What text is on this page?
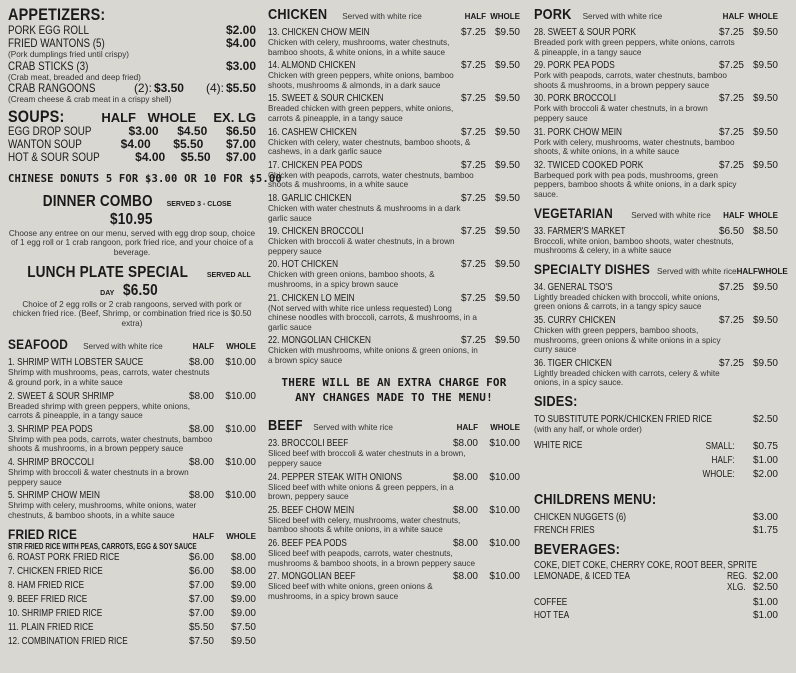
APPETIZERS:
PORK EGG ROLL	$2.00
FRIED WANTONS (5)	$4.00
(Pork dumplings fried until crispy)
CRAB STICKS (3)	$3.00
(Crab meat, breaded and deep fried)
CRAB RANGOONS	(2): $3.50 (4): $5.50
(Cream cheese & crab meat in a crispy shell)
SOUPS:	HALF WHOLE	EX. LG
EGG DROP SOUP	$3.00	$4.50	$6.50
WANTON SOUP	$4.00	$5.50	$7.00
HOT & SOUR SOUP	$4.00	$5.50	$7.00
CHINESE DONUTS 5 FOR $3.00 OR 10 FOR $5.00
DINNER COMBO SERVED 3 - CLOSE $10.95
Choose any entree on our menu, served with egg drop soup, choice of 1 egg roll or 1 crab rangoon, pork fried rice, and your choice of a beverage.
LUNCH PLATE SPECIAL	SERVED ALL DAY $6.50
Choice of 2 egg rolls or 2 crab rangoons, served with pork or chicken fried rice. (Beef, Shrimp, or combination fried rice is $0.50 extra)
SEAFOOD Served with white rice	HALF	WHOLE
1. SHRIMP WITH LOBSTER SAUCE	$8.00	$10.00
Shrimp with mushrooms, peas, carrots, water chestnuts & ground pork, in a white sauce
2. SWEET & SOUR SHRIMP	$8.00	$10.00
Breaded shrimp with green peppers, white onions, carrots & pineapple, in a tangy sauce
3. SHRIMP PEA PODS	$8.00	$10.00
Shrimp with pea pods, carrots, water chestnuts, bamboo shoots & mushrooms, in a brown peppery sauce
4. SHRIMP BROCCOLI	$8.00	$10.00
Shrimp with broccoli & water chestnuts in a brown peppery sauce
5. SHRIMP CHOW MEIN	$8.00	$10.00
Shrimp with celery, mushrooms, white onions, water chestnuts, & bamboo shoots, in a white sauce
FRIED RICE	HALF	WHOLE
STIR FRIED RICE WITH PEAS, CARROTS, EGG & SOY SAUCE
6. ROAST PORK FRIED RICE	$6.00	$8.00
7. CHICKEN FRIED RICE	$6.00	$8.00
8. HAM FRIED RICE	$7.00	$9.00
9. BEEF FRIED RICE	$7.00	$9.00
10. SHRIMP FRIED RICE	$7.00	$9.00
11. PLAIN FRIED RICE	$5.50	$7.50
12. COMBINATION FRIED RICE	$7.50	$9.50
CHICKEN Served with white rice	HALF WHOLE
13. CHICKEN CHOW MEIN	$7.25 $9.50
Chicken with celery, mushrooms, water chestnuts, bamboo shoots, & white onions, in a white sauce
14. ALMOND CHICKEN	$7.25 $9.50
Chicken with green peppers, white onions, bamboo shoots, mushrooms & almonds, in a dark sauce
15. SWEET & SOUR CHICKEN	$7.25 $9.50
Breaded chicken with green peppers, white onions, carrots & pineapple, in a tangy sauce
16. CASHEW CHICKEN	$7.25 $9.50
Chicken with celery, water chestnuts, bamboo shoots, & cashews, in a dark garlic sauce
17. CHICKEN PEA PODS	$7.25 $9.50
Chicken with peapods, carrots, water chestnuts, bamboo shoots & mushrooms, in a white sauce
18. GARLIC CHICKEN	$7.25 $9.50
Chicken with water chestnuts & mushrooms in a dark garlic sauce
19. CHICKEN BROCCOLI	$7.25 $9.50
Chicken with broccoli & water chestnuts, in a brown peppery sauce
20. HOT CHICKEN	$7.25 $9.50
Chicken with green onions, bamboo shoots, & mushrooms, in a spicy brown sauce
21. CHICKEN LO MEIN	$7.25 $9.50
(Not served with white rice unless requested) Long chinese noodles with broccoli, carrots, & mushrooms, in a garlic sauce
22. MONGOLIAN CHICKEN	$7.25 $9.50
Chicken with mushrooms, white onions & green onions, in a brown spicy sauce
THERE WILL BE AN EXTRA CHARGE FOR ANY CHANGES MADE TO THE MENU!
BEEF Served with white rice	HALF	WHOLE
23. BROCCOLI BEEF	$8.00	$10.00
Sliced beef with broccoli & water chestnuts in a brown, peppery sauce
24. PEPPER STEAK WITH ONIONS	$8.00	$10.00
Sliced beef with white onions & green peppers, in a brown, peppery sauce
25. BEEF CHOW MEIN	$8.00	$10.00
Sliced beef with celery, mushrooms, water chestnuts, bamboo shoots & white onions, in a white sauce
26. BEEF PEA PODS	$8.00	$10.00
Sliced beef with peapods, carrots, water chestnuts, mushrooms & bamboo shoots, in a brown peppery sauce
27. MONGOLIAN BEEF	$8.00	$10.00
Sliced beef with white onions, green onions & mushrooms, in a spicy brown sauce
PORK Served with white rice	HALF WHOLE
28. SWEET & SOUR PORK	$7.25 $9.50
Breaded pork with green peppers, white onions, carrots & pineapple, in a tangy sauce
29. PORK PEA PODS	$7.25 $9.50
Pork with peapods, carrots, water chestnuts, bamboo shoots & mushrooms, in a brown peppery sauce
30. PORK BROCCOLI	$7.25 $9.50
Pork with broccoli & water chestnuts, in a brown peppery sauce
31. PORK CHOW MEIN	$7.25 $9.50
Pork with celery, mushrooms, water chestnuts, bamboo shoots, & white onions, in a white sauce
32. TWICED COOKED PORK	$7.25 $9.50
Barbequed pork with pea pods, mushrooms, green peppers, bamboo shoots & white onions, in a dark spicy sauce.
VEGETARIAN Served with white rice	HALF WHOLE
33. FARMER'S MARKET	$6.50 $8.50
Broccoli, white onion, bamboo shoots, water chestnuts, mushrooms & celery, in a white sauce
SPECIALTY DISHES Served with white rice HALF WHOLE
34. GENERAL TSO'S	$7.25 $9.50
Lightly breaded chicken with broccoli, white onions, green onions & carrots, in a tangy spicy sauce
35. CURRY CHICKEN	$7.25 $9.50
Chicken with green peppers, bamboo shoots, mushrooms, green onions & white onions in a spicy curry sauce
36. TIGER CHICKEN	$7.25 $9.50
Lightly breaded chicken with carrots, celery & white onions, in a spicy sauce.
SIDES:
TO SUBSTITUTE PORK/CHICKEN FRIED RICE	$2.50
(with any half, or whole order)
WHITE RICE	SMALL:	$0.75
HALF:	$1.00
WHOLE:	$2.00
CHILDRENS MENU:
CHICKEN NUGGETS (6)	$3.00
FRENCH FRIES	$1.75
BEVERAGES:
COKE, DIET COKE, CHERRY COKE, ROOT BEER, SPRITE
LEMONADE, & ICED TEA	REG. $2.00
XLG. $2.50
COFFEE	$1.00
HOT TEA	$1.00
